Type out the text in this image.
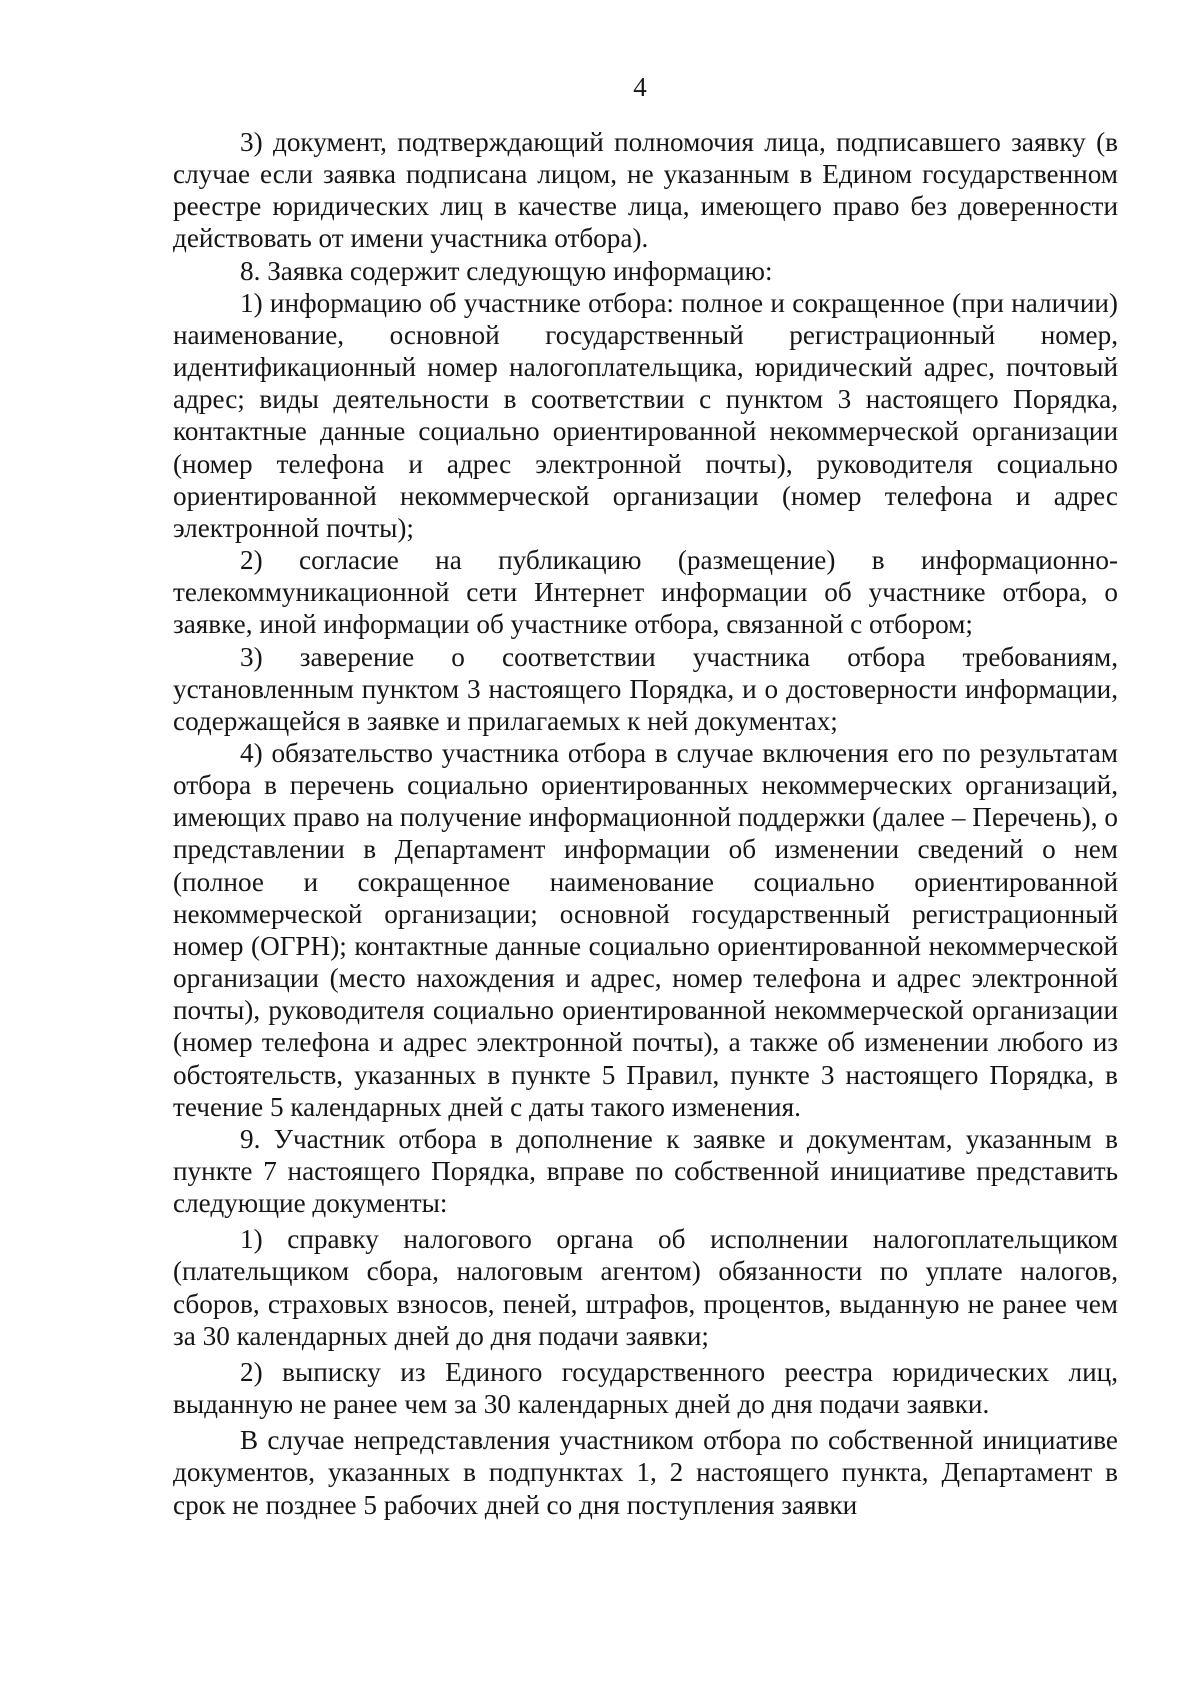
4

3) документ, подтверждающий полномочия лица, подписавшего заявку (в случае если заявка подписана лицом, не указанным в Едином государственном реестре юридических лиц в качестве лица, имеющего право без доверенности действовать от имени участника отбора).

8. Заявка содержит следующую информацию:

1) информацию об участнике отбора: полное и сокращенное (при наличии) наименование, основной государственный регистрационный номер, идентификационный номер налогоплательщика, юридический адрес, почтовый адрес; виды деятельности в соответствии с пунктом 3 настоящего Порядка, контактные данные социально ориентированной некоммерческой организации (номер телефона и адрес электронной почты), руководителя социально ориентированной некоммерческой организации (номер телефона и адрес электронной почты);

2) согласие на публикацию (размещение) в информационно-телекоммуникационной сети Интернет информации об участнике отбора, о заявке, иной информации об участнике отбора, связанной с отбором;

3) заверение о соответствии участника отбора требованиям, установленным пунктом 3 настоящего Порядка, и о достоверности информации, содержащейся в заявке и прилагаемых к ней документах;

4) обязательство участника отбора в случае включения его по результатам отбора в перечень социально ориентированных некоммерческих организаций, имеющих право на получение информационной поддержки (далее – Перечень), о представлении в Департамент информации об изменении сведений о нем (полное и сокращенное наименование социально ориентированной некоммерческой организации; основной государственный регистрационный номер (ОГРН); контактные данные социально ориентированной некоммерческой организации (место нахождения и адрес, номер телефона и адрес электронной почты), руководителя социально ориентированной некоммерческой организации (номер телефона и адрес электронной почты), а также об изменении любого из обстоятельств, указанных в пункте 5 Правил, пункте 3 настоящего Порядка, в течение 5 календарных дней с даты такого изменения.

9. Участник отбора в дополнение к заявке и документам, указанным в пункте 7 настоящего Порядка, вправе по собственной инициативе представить следующие документы:

1) справку налогового органа об исполнении налогоплательщиком (плательщиком сбора, налоговым агентом) обязанности по уплате налогов, сборов, страховых взносов, пеней, штрафов, процентов, выданную не ранее чем за 30 календарных дней до дня подачи заявки;

2) выписку из Единого государственного реестра юридических лиц, выданную не ранее чем за 30 календарных дней до дня подачи заявки.

В случае непредставления участником отбора по собственной инициативе документов, указанных в подпунктах 1, 2 настоящего пункта, Департамент в срок не позднее 5 рабочих дней со дня поступления заявки
